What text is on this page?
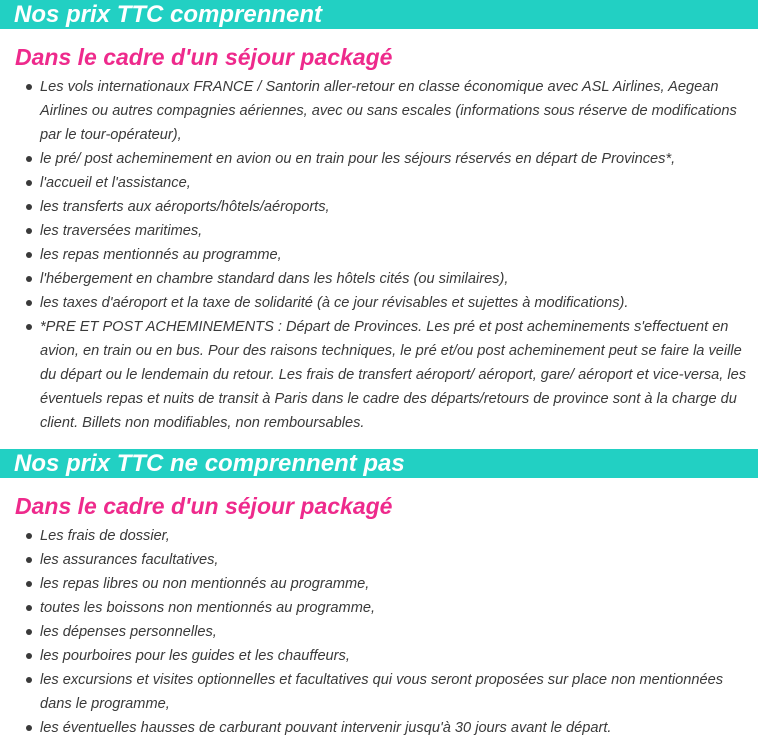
Nos prix TTC comprennent
Dans le cadre d'un séjour packagé
Les vols internationaux FRANCE / Santorin aller-retour en classe économique avec ASL Airlines, Aegean Airlines ou autres compagnies aériennes, avec ou sans escales (informations sous réserve de modifications par le tour-opérateur),
le pré/ post acheminement en avion ou en train pour les séjours réservés en départ de Provinces*,
l'accueil et l'assistance,
les transferts aux aéroports/hôtels/aéroports,
les traversées maritimes,
les repas mentionnés au programme,
l'hébergement en chambre standard dans les hôtels cités (ou similaires),
les taxes d'aéroport et la taxe de solidarité (à ce jour révisables et sujettes à modifications).
*PRE ET POST ACHEMINEMENTS : Départ de Provinces. Les pré et post acheminements s'effectuent en avion, en train ou en bus. Pour des raisons techniques, le pré et/ou post acheminement peut se faire la veille du départ ou le lendemain du retour. Les frais de transfert aéroport/ aéroport, gare/ aéroport et vice-versa, les éventuels repas et nuits de transit à Paris dans le cadre des départs/retours de province sont à la charge du client. Billets non modifiables, non remboursables.
Nos prix TTC ne comprennent pas
Dans le cadre d'un séjour packagé
Les frais de dossier,
les assurances facultatives,
les repas libres ou non mentionnés au programme,
toutes les boissons non mentionnés au programme,
les dépenses personnelles,
les pourboires pour les guides et les chauffeurs,
les excursions et visites optionnelles et facultatives qui vous seront proposées sur place non mentionnées dans le programme,
les éventuelles hausses de carburant pouvant intervenir jusqu'à 30 jours avant le départ.
